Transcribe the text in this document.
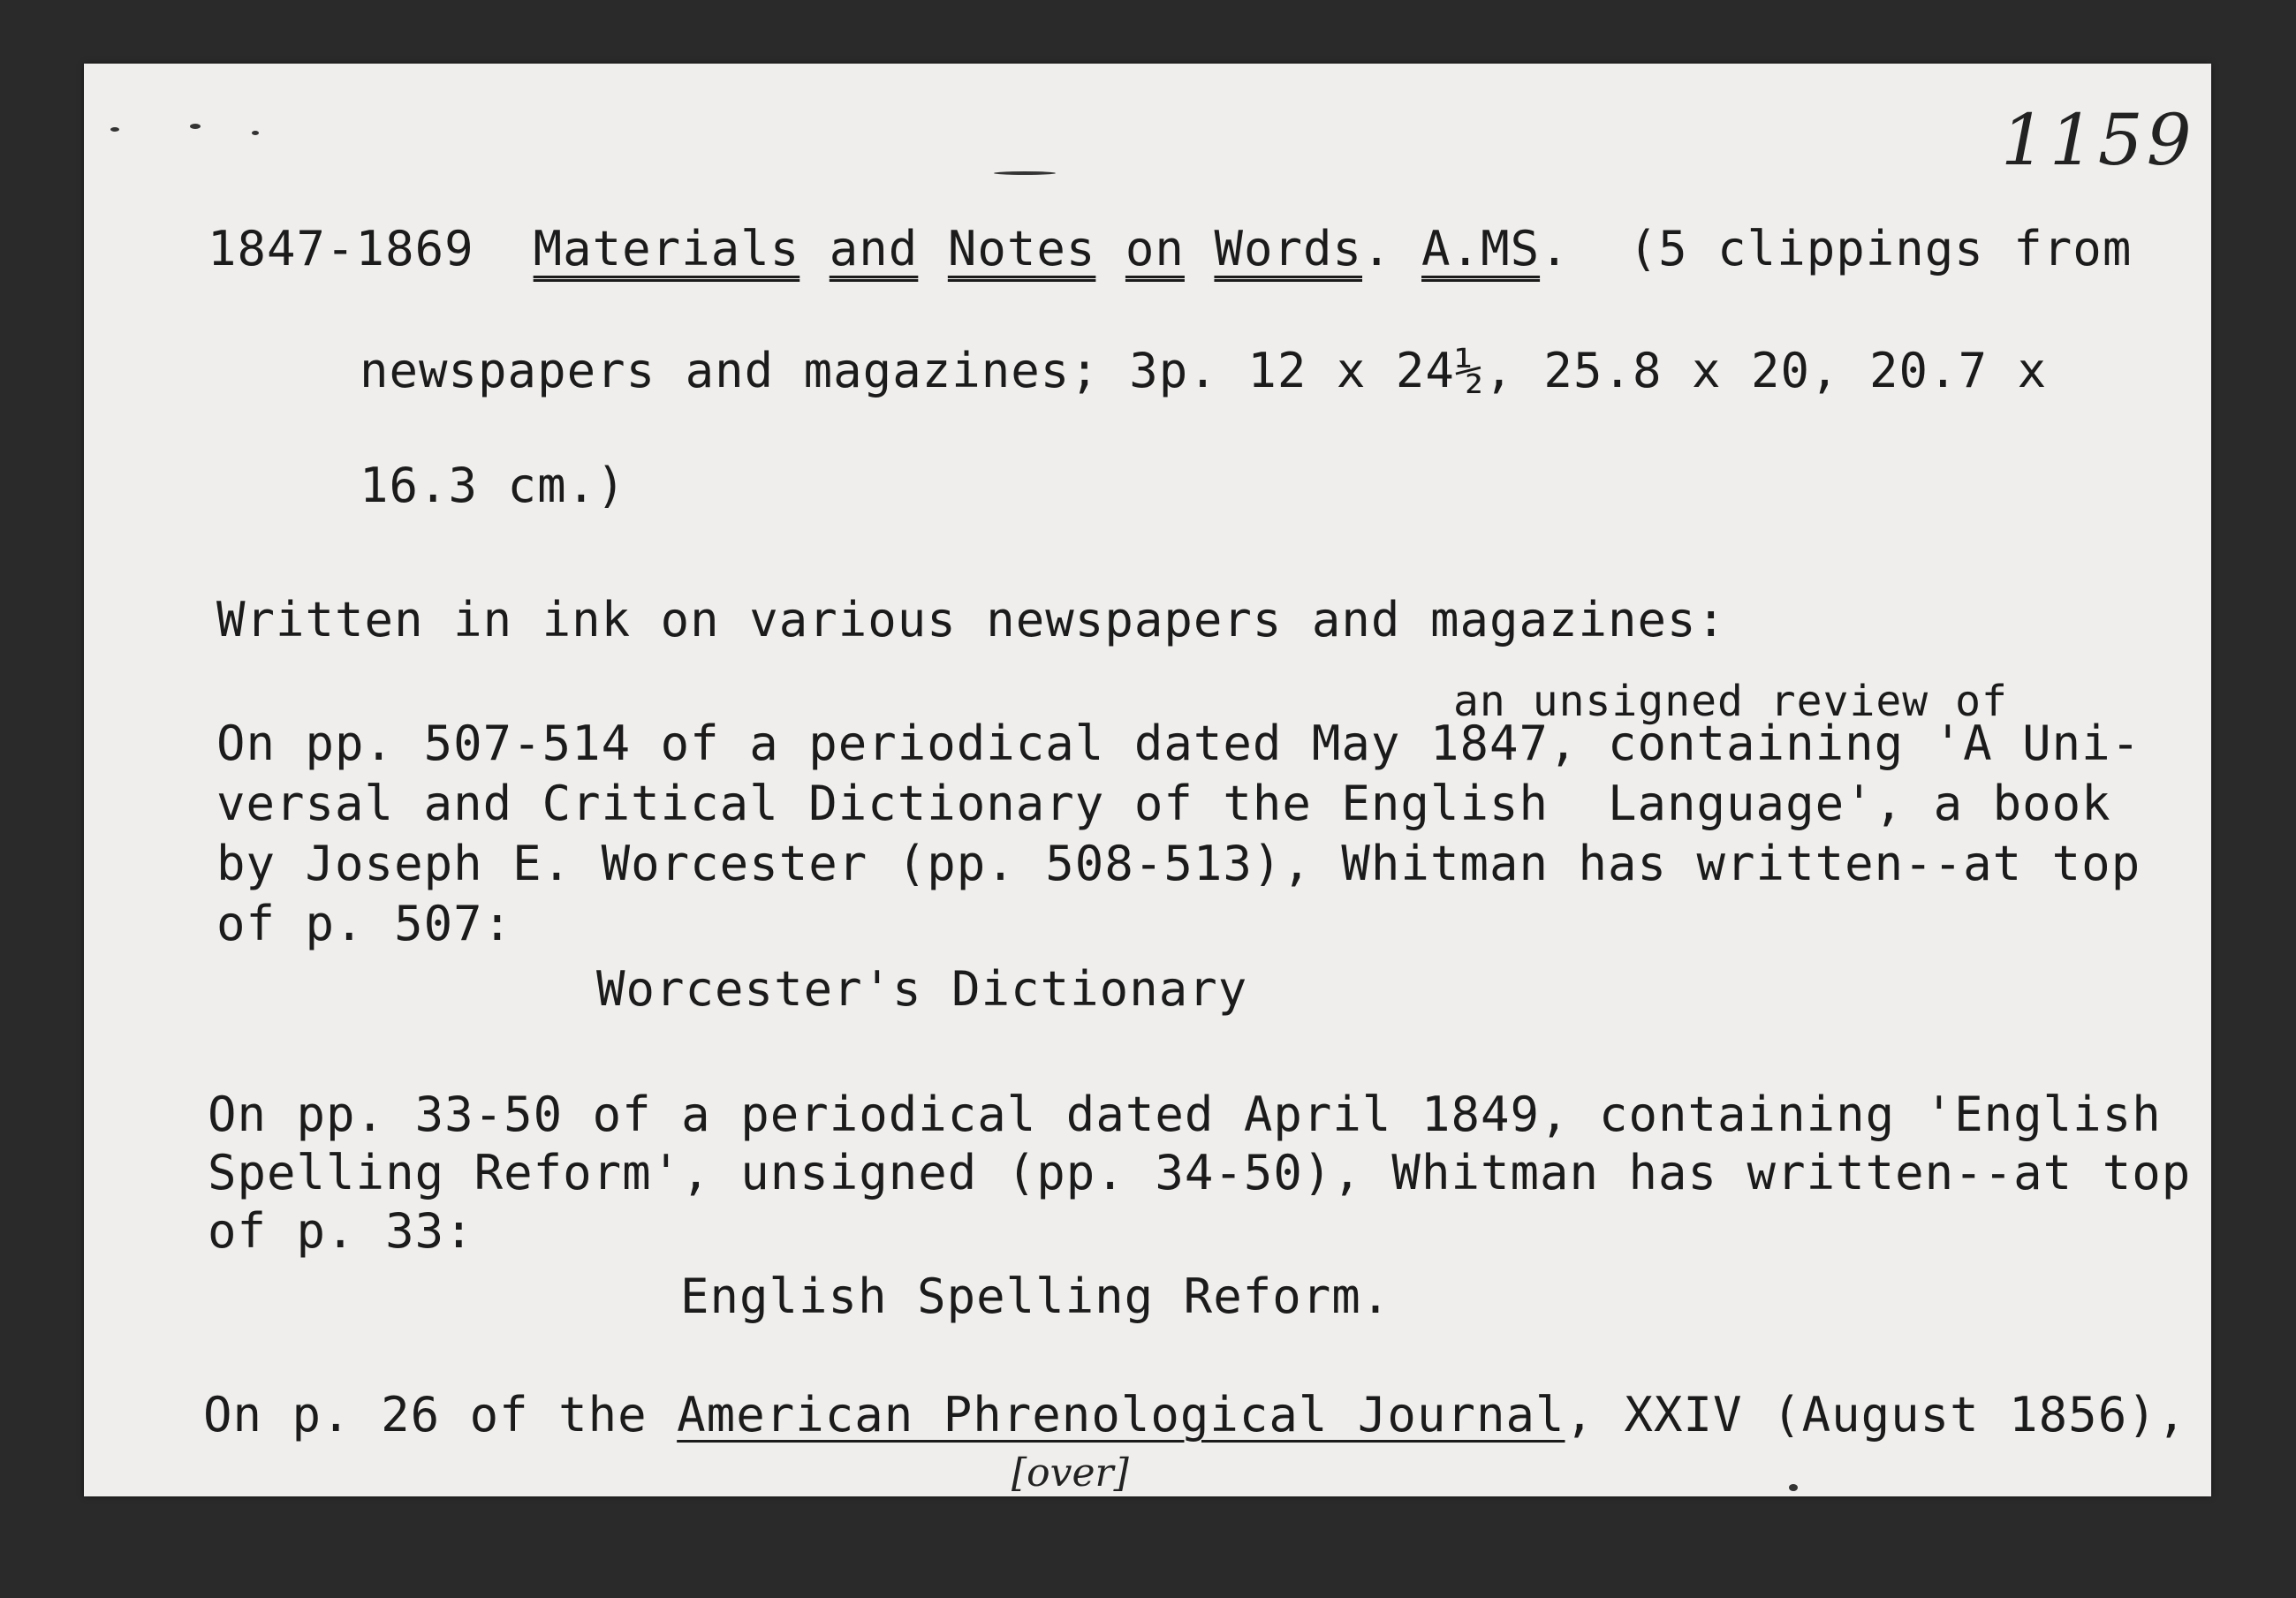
1159
1847-1869 Materials and Notes on Words. A.MS. (5 clippings from
newspapers and magazines; 3p. 12 x 24½, 25.8 x 20, 20.7 x
16.3 cm.)
Written in ink on various newspapers and magazines:
an unsigned review of
On pp. 507-514 of a periodical dated May 1847, containing 'A Uni-
versal and Critical Dictionary of the English  Language', a book
by Joseph E. Worcester (pp. 508-513), Whitman has written--at top
of p. 507:
Worcester's Dictionary
On pp. 33-50 of a periodical dated April 1849, containing 'English
Spelling Reform', unsigned (pp. 34-50), Whitman has written--at top
of p. 33:
English Spelling Reform.
On p. 26 of the American Phrenological Journal, XXIV (August 1856),
[over]
